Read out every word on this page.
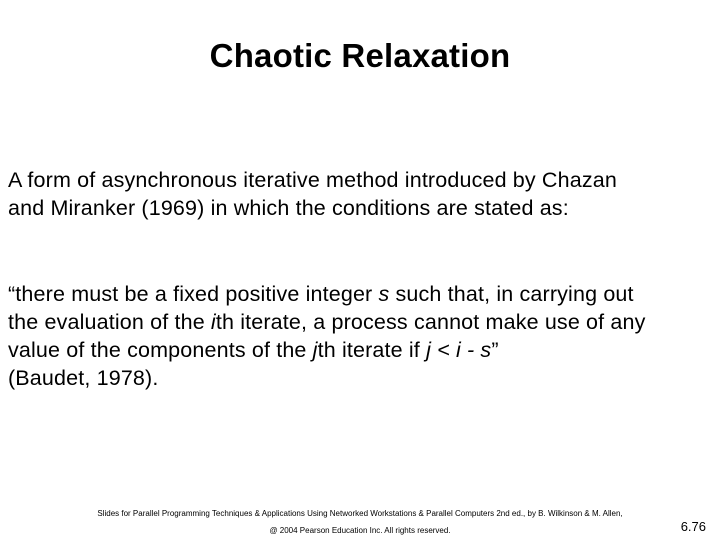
Chaotic Relaxation
A form of asynchronous iterative method introduced by Chazan
and Miranker (1969) in which the conditions are stated as:
“there must be a fixed positive integer s such that, in carrying out
the evaluation of the ith iterate, a process cannot make use of any
value of the components of the jth iterate if j < i - s”
(Baudet, 1978).
Slides for Parallel Programming Techniques & Applications Using Networked Workstations & Parallel Computers 2nd ed., by B. Wilkinson & M. Allen,
@ 2004 Pearson Education Inc. All rights reserved.	6.76
